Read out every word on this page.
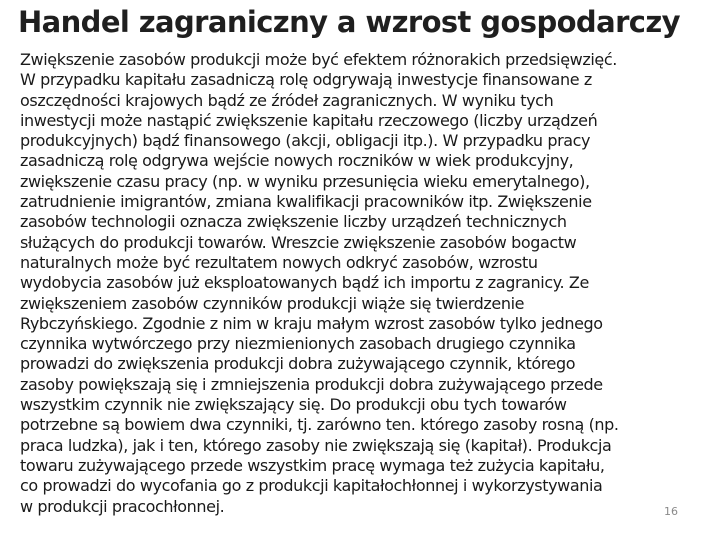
Handel zagraniczny a wzrost gospodarczy
Zwiększenie zasobów produkcji może być efektem różnorakich przedsięwzięć.
W przypadku kapitału zasadniczą rolę odgrywają inwestycje finansowane z
oszczędności krajowych bądź ze źródeł zagranicznych. W wyniku tych
inwestycji może nastąpić zwiększenie kapitału rzeczowego (liczby urządzeń
produkcyjnych) bądź finansowego (akcji, obligacji itp.). W przypadku pracy
zasadniczą rolę odgrywa wejście nowych roczników w wiek produkcyjny,
zwiększenie czasu pracy (np. w wyniku przesunięcia wieku emerytalnego),
zatrudnienie imigrantów, zmiana kwalifikacji pracowników itp. Zwiększenie
zasobów technologii oznacza zwiększenie liczby urządzeń technicznych
służących do produkcji towarów. Wreszcie zwiększenie zasobów bogactw
naturalnych może być rezultatem nowych odkryć zasobów, wzrostu
wydobycia zasobów już eksploatowanych bądź ich importu z zagranicy. Ze
zwiększeniem zasobów czynników produkcji wiąże się twierdzenie
Rybczyńskiego. Zgodnie z nim w kraju małym wzrost zasobów tylko jednego
czynnika wytwórczego przy niezmienionych zasobach drugiego czynnika
prowadzi do zwiększenia produkcji dobra zużywającego czynnik, którego
zasoby powiększają się i zmniejszenia produkcji dobra zużywającego przede
wszystkim czynnik nie zwiększający się. Do produkcji obu tych towarów
potrzebne są bowiem dwa czynniki, tj. zarówno ten. którego zasoby rosną (np.
praca ludzka), jak i ten, którego zasoby nie zwiększają się (kapitał). Produkcja
towaru zużywającego przede wszystkim pracę wymaga też zużycia kapitału,
co prowadzi do wycofania go z produkcji kapitałochłonnej i wykorzystywania
w produkcji pracochłonnej.	16
